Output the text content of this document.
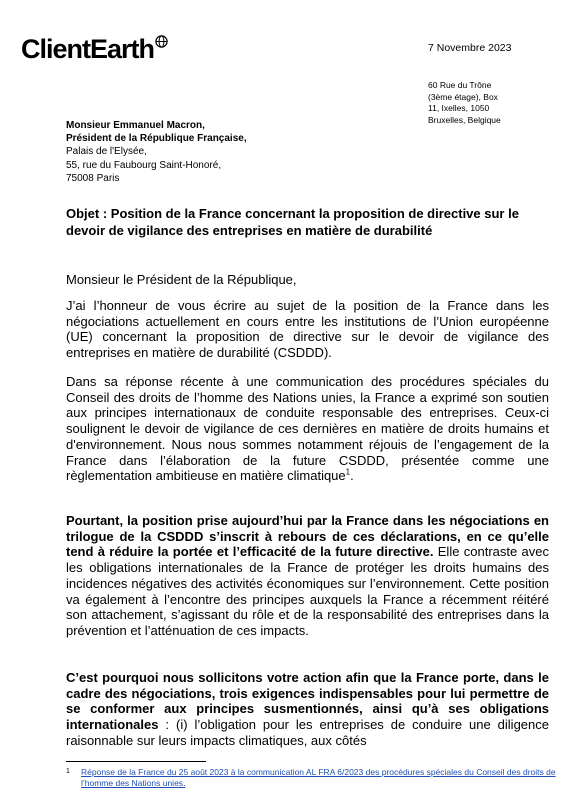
ClientEarth	7 Novembre 2023
60 Rue du Trône
(3ème étage), Box
11, Ixelles, 1050
Bruxelles, Belgique
Monsieur Emmanuel Macron,
Président de la République Française,
Palais de l'Elysée,
55, rue du Faubourg Saint-Honoré,
75008 Paris

Objet : Position de la France concernant la proposition de directive sur le devoir de vigilance des entreprises en matière de durabilité

Monsieur le Président de la République,

J’ai l’honneur de vous écrire au sujet de la position de la France dans les négociations actuellement en cours entre les institutions de l’Union européenne (UE) concernant la proposition de directive sur le devoir de vigilance des entreprises en matière de durabilité (CSDDD).

Dans sa réponse récente à une communication des procédures spéciales du Conseil des droits de l’homme des Nations unies, la France a exprimé son soutien aux principes internationaux de conduite responsable des entreprises. Ceux-ci soulignent le devoir de vigilance de ces dernières en matière de droits humains et d'environnement. Nous nous sommes notamment réjouis de l’engagement de la France dans l’élaboration de la future CSDDD, présentée comme une règlementation ambitieuse en matière climatique$^1$.

Pourtant, la position prise aujourd’hui par la France dans les négociations en trilogue de la CSDDD s’inscrit à rebours de ces déclarations, en ce qu’elle tend à réduire la portée et l’efficacité de la future directive. Elle contraste avec les obligations internationales de la France de protéger les droits humains des incidences négatives des activités économiques sur l’environnement. Cette position va également à l’encontre des principes auxquels la France a récemment réitéré son attachement, s’agissant du rôle et de la responsabilité des entreprises dans la prévention et l’atténuation de ces impacts.

C’est pourquoi nous sollicitons votre action afin que la France porte, dans le cadre des négociations, trois exigences indispensables pour lui permettre de se conformer aux principes susmentionnés, ainsi qu’à ses obligations internationales : (i) l’obligation pour les entreprises de conduire une diligence raisonnable sur leurs impacts climatiques, aux côtés

1 Réponse de la France du 25 août 2023 à la communication AL FRA 6/2023 des procédures spéciales du Conseil des droits de l’homme des Nations unies.
